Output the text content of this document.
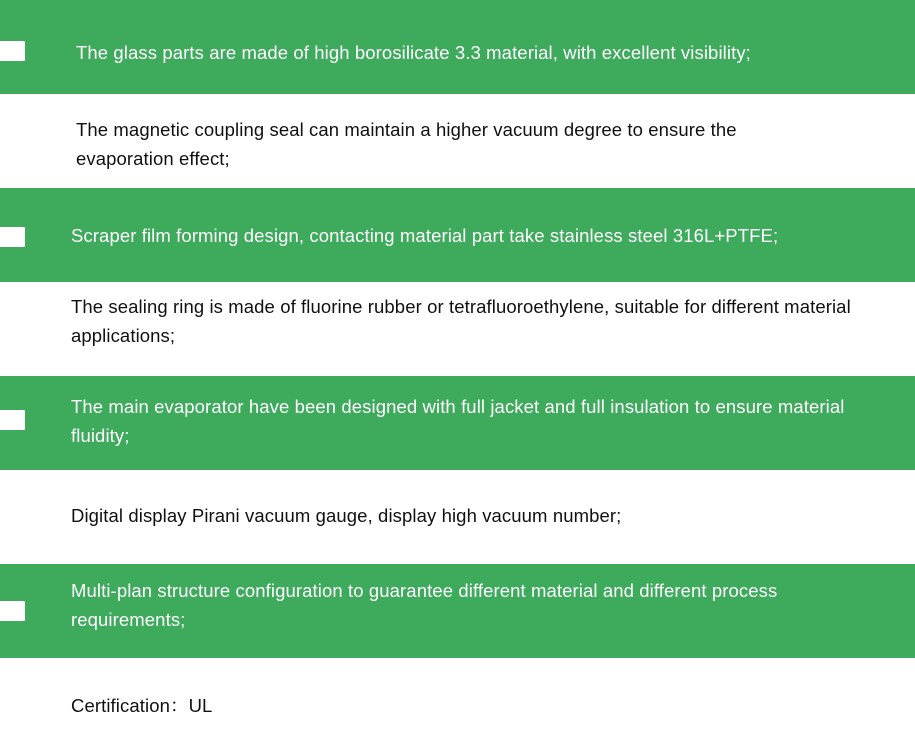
The glass parts are made of high borosilicate 3.3 material, with excellent visibility;

The magnetic coupling seal can maintain a higher vacuum degree to ensure the evaporation effect;

Scraper film forming design, contacting material part take stainless steel 316L+PTFE;

The sealing ring is made of fluorine rubber or tetrafluoroethylene, suitable for different material applications;

The main evaporator have been designed with full jacket and full insulation to ensure material fluidity;

Digital display Pirani vacuum gauge, display high vacuum number;

Multi-plan structure configuration to guarantee different material and different process requirements;

Certification：UL
